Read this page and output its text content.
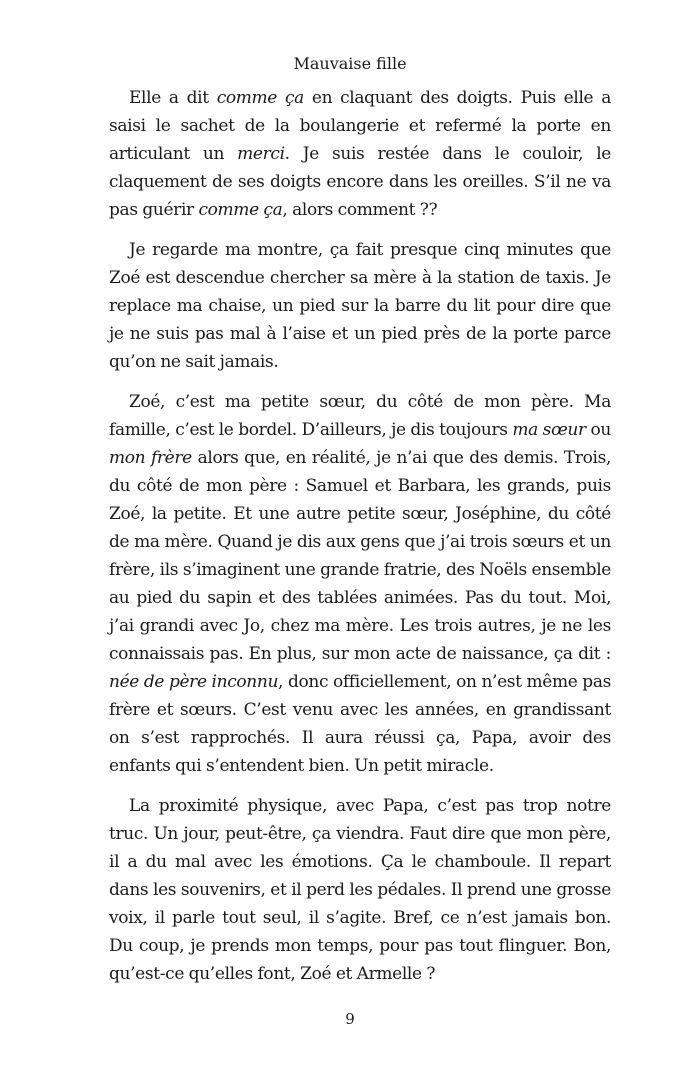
Mauvaise fille

Elle a dit comme ça en claquant des doigts. Puis elle a saisi le sachet de la boulangerie et refermé la porte en articulant un merci. Je suis restée dans le couloir, le claquement de ses doigts encore dans les oreilles. S’il ne va pas guérir comme ça, alors comment ??

Je regarde ma montre, ça fait presque cinq minutes que Zoé est descendue chercher sa mère à la station de taxis. Je replace ma chaise, un pied sur la barre du lit pour dire que je ne suis pas mal à l’aise et un pied près de la porte parce qu’on ne sait jamais.

Zoé, c’est ma petite sœur, du côté de mon père. Ma famille, c’est le bordel. D’ailleurs, je dis toujours ma sœur ou mon frère alors que, en réalité, je n’ai que des demis. Trois, du côté de mon père : Samuel et Barbara, les grands, puis Zoé, la petite. Et une autre petite sœur, Joséphine, du côté de ma mère. Quand je dis aux gens que j’ai trois sœurs et un frère, ils s’imaginent une grande fratrie, des Noëls ensemble au pied du sapin et des tablées animées. Pas du tout. Moi, j’ai grandi avec Jo, chez ma mère. Les trois autres, je ne les connaissais pas. En plus, sur mon acte de naissance, ça dit : née de père inconnu, donc officiellement, on n’est même pas frère et sœurs. C’est venu avec les années, en grandissant on s’est rapprochés. Il aura réussi ça, Papa, avoir des enfants qui s’entendent bien. Un petit miracle.

La proximité physique, avec Papa, c’est pas trop notre truc. Un jour, peut-être, ça viendra. Faut dire que mon père, il a du mal avec les émotions. Ça le chamboule. Il repart dans les souvenirs, et il perd les pédales. Il prend une grosse voix, il parle tout seul, il s’agite. Bref, ce n’est jamais bon. Du coup, je prends mon temps, pour pas tout flinguer. Bon, qu’est-ce qu’elles font, Zoé et Armelle ?

9
